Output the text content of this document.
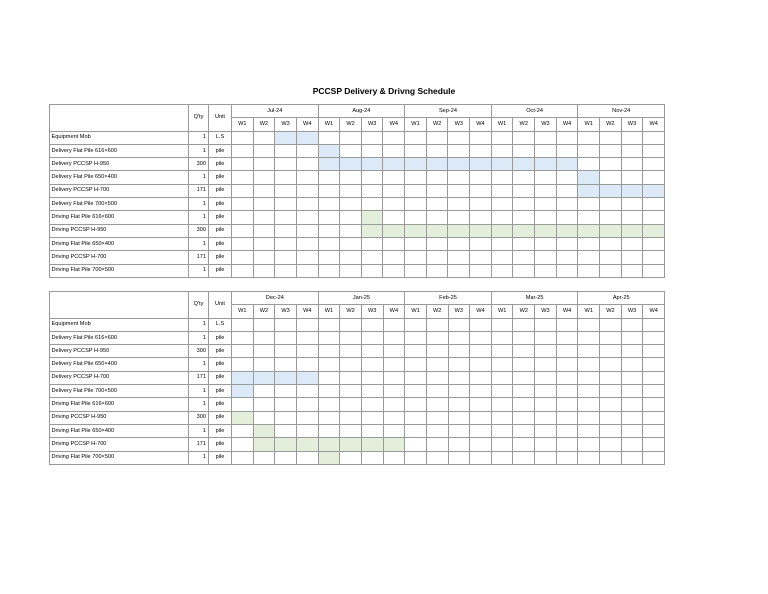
PCCSP Delivery & Drivng Schedule
	Q'ty	Unit	Jul-24				Aug-24				Sep-24				Oct-24				Nov-24			
			W1	W2	W3	W4	W1	W2	W3	W4	W1	W2	W3	W4	W1	W2	W3	W4	W1	W2	W3	W4
Equipment Mob	1	L.S																				
Delivery Flat Pile 616×600	1	pile																				
Delivery PCCSP H-950	300	pile																				
Delivery Flat Pile 650×400	1	pile																				
Delivery PCCSP H-700	171	pile																				
Delivery Flat Pile 700×500	1	pile																				
Driving Flat Pile 616×600	1	pile																				
Driving PCCSP H-950	300	pile																				
Driving Flat Pile 650×400	1	pile																				
Driving PCCSP H-700	171	pile																				
Driving Flat Pile 700×500	1	pile																				
	Q'ty	Unit	Dec-24				Jan-25				Feb-25				Mar-25				Apr-25			
			W1	W2	W3	W4	W1	W2	W3	W4	W1	W2	W3	W4	W1	W2	W3	W4	W1	W2	W3	W4
Equipment Mob	1	L.S																				
Delivery Flat Pile 616×600	1	pile																				
Delivery PCCSP H-950	300	pile																				
Delivery Flat Pile 650×400	1	pile																				
Delivery PCCSP H-700	171	pile																				
Delivery Flat Pile 700×500	1	pile																				
Driving Flat Pile 616×600	1	pile																				
Driving PCCSP H-950	300	pile																				
Driving Flat Pile 650×400	1	pile																				
Driving PCCSP H-700	171	pile																				
Driving Flat Pile 700×500	1	pile																				
